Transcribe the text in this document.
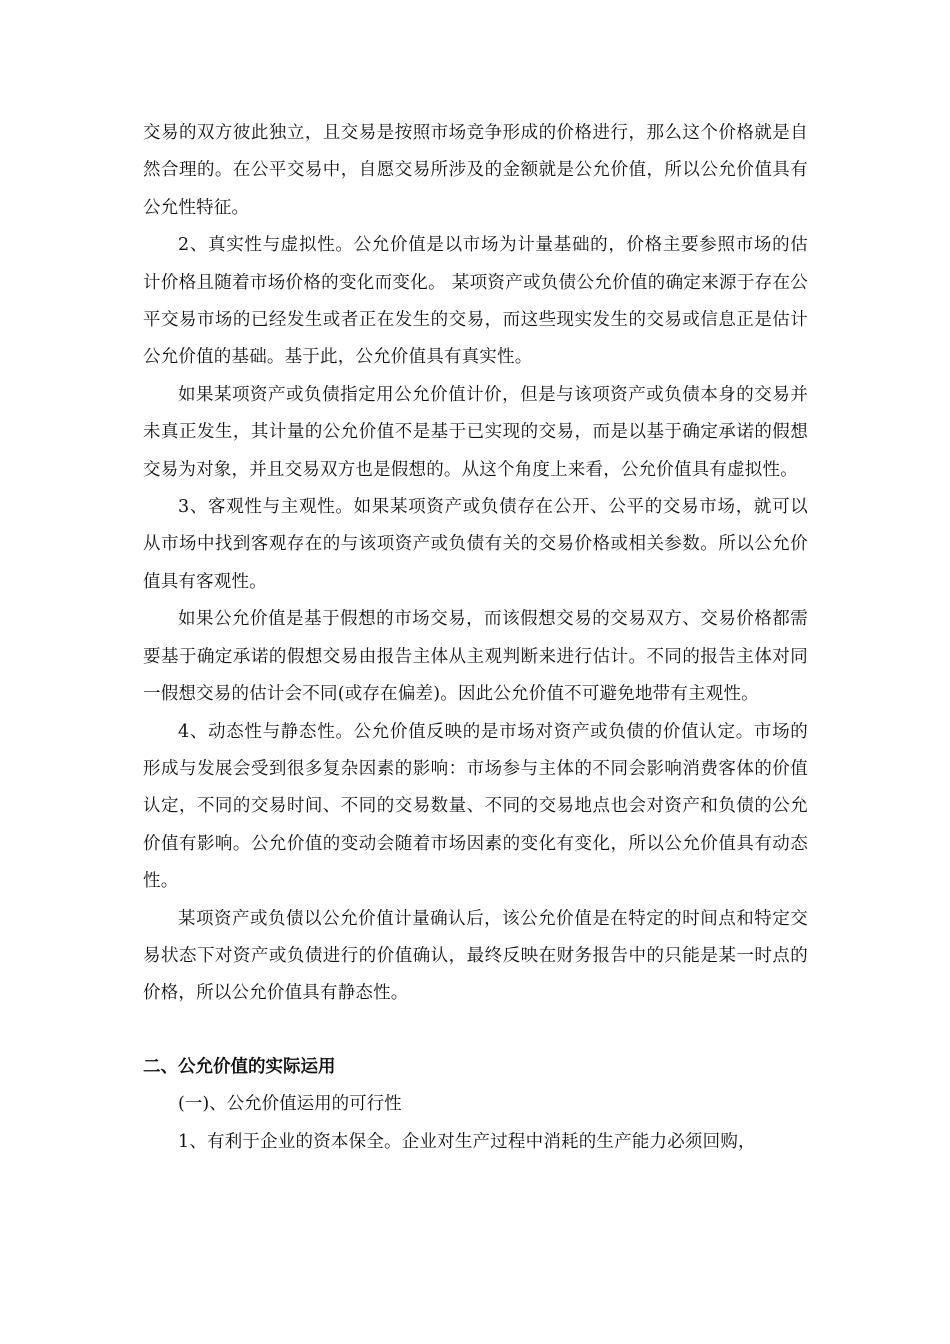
交易的双方彼此独立，且交易是按照市场竞争形成的价格进行，那么这个价格就是自然合理的。在公平交易中，自愿交易所涉及的金额就是公允价值，所以公允价值具有公允性特征。

2、真实性与虚拟性。公允价值是以市场为计量基础的，价格主要参照市场的估计价格且随着市场价格的变化而变化。 某项资产或负债公允价值的确定来源于存在公平交易市场的已经发生或者正在发生的交易，而这些现实发生的交易或信息正是估计公允价值的基础。基于此，公允价值具有真实性。

如果某项资产或负债指定用公允价值计价，但是与该项资产或负债本身的交易并未真正发生，其计量的公允价值不是基于已实现的交易，而是以基于确定承诺的假想交易为对象，并且交易双方也是假想的。从这个角度上来看，公允价值具有虚拟性。

3、客观性与主观性。如果某项资产或负债存在公开、公平的交易市场，就可以从市场中找到客观存在的与该项资产或负债有关的交易价格或相关参数。所以公允价值具有客观性。

如果公允价值是基于假想的市场交易，而该假想交易的交易双方、交易价格都需要基于确定承诺的假想交易由报告主体从主观判断来进行估计。不同的报告主体对同一假想交易的估计会不同(或存在偏差)。因此公允价值不可避免地带有主观性。

4、动态性与静态性。公允价值反映的是市场对资产或负债的价值认定。市场的形成与发展会受到很多复杂因素的影响：市场参与主体的不同会影响消费客体的价值认定，不同的交易时间、不同的交易数量、不同的交易地点也会对资产和负债的公允价值有影响。公允价值的变动会随着市场因素的变化有变化，所以公允价值具有动态性。

某项资产或负债以公允价值计量确认后，该公允价值是在特定的时间点和特定交易状态下对资产或负债进行的价值确认，最终反映在财务报告中的只能是某一时点的价格，所以公允价值具有静态性。

二、公允价值的实际运用

(一)、公允价值运用的可行性

1、有利于企业的资本保全。企业对生产过程中消耗的生产能力必须回购，
